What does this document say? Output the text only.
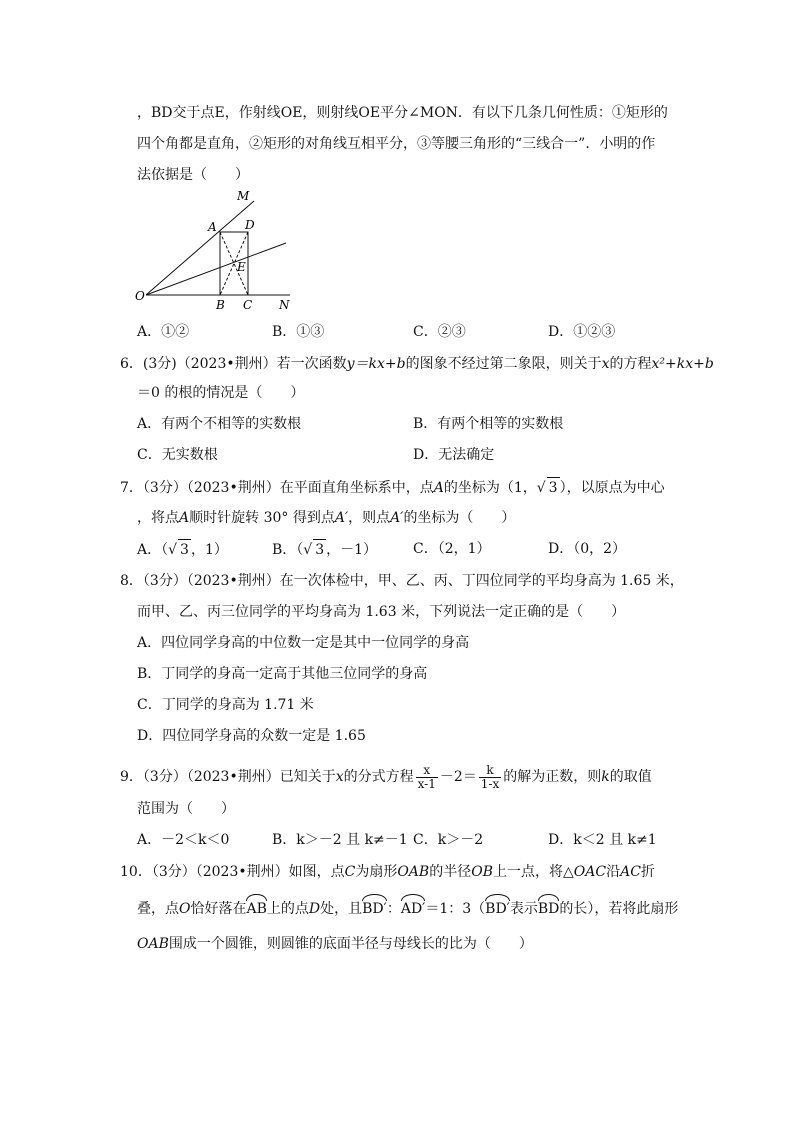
，BD交于点E，作射线OE，则射线OE平分∠MON．有以下几条几何性质：①矩形的
四个角都是直角，②矩形的对角线互相平分，③等腰三角形的“三线合一”．小明的作
法依据是（　　）
M
A D
E
O
B C N
A．①②	B．①③	C．②③	D．①②③
6．(3分)（2023•荆州）若一次函数y＝kx+b的图象不经过第二象限，则关于x的方程x²+kx+b
＝0 的根的情况是（　　）
A．有两个不相等的实数根	B．有两个相等的实数根
C．无实数根	D．无法确定
7．（3分）（2023•荆州）在平面直角坐标系中，点A的坐标为（1，√ 3 ），以原点为中心
，将点A顺时针旋转 30° 得到点A′，则点A′的坐标为（　　）
A．（√ 3 ，1）	B．（√ 3 ，－1）	C．（2，1）	D．（0，2）
8．（3分）（2023•荆州）在一次体检中，甲、乙、丙、丁四位同学的平均身高为 1.65 米，
而甲、乙、丙三位同学的平均身高为 1.63 米，下列说法一定正确的是（　　）
A．四位同学身高的中位数一定是其中一位同学的身高
B．丁同学的身高一定高于其他三位同学的身高
C．丁同学的身高为 1.71 米
D．四位同学身高的众数一定是 1.65
9．（3分）（2023•荆州）已知关于x的分式方程 $\frac{x}{x-1} -2= \frac{k}{1-x}$ 的解为正数，则k的取值
范围为（　　）
A．－2＜k＜0	B．k＞－2 且 k≠－1 C．k＞－2	D．k＜2 且 k≠1
10．（3分）（2023•荆州）如图，点C为扇形OAB的半径OB上一点，将△OAC沿AC折
叠，点O恰好落在AB上的点D处，且BD′：AD′＝1：3（BD′表示BD的长），若将此扇形
OAB围成一个圆锥，则圆锥的底面半径与母线长的比为（　　）
